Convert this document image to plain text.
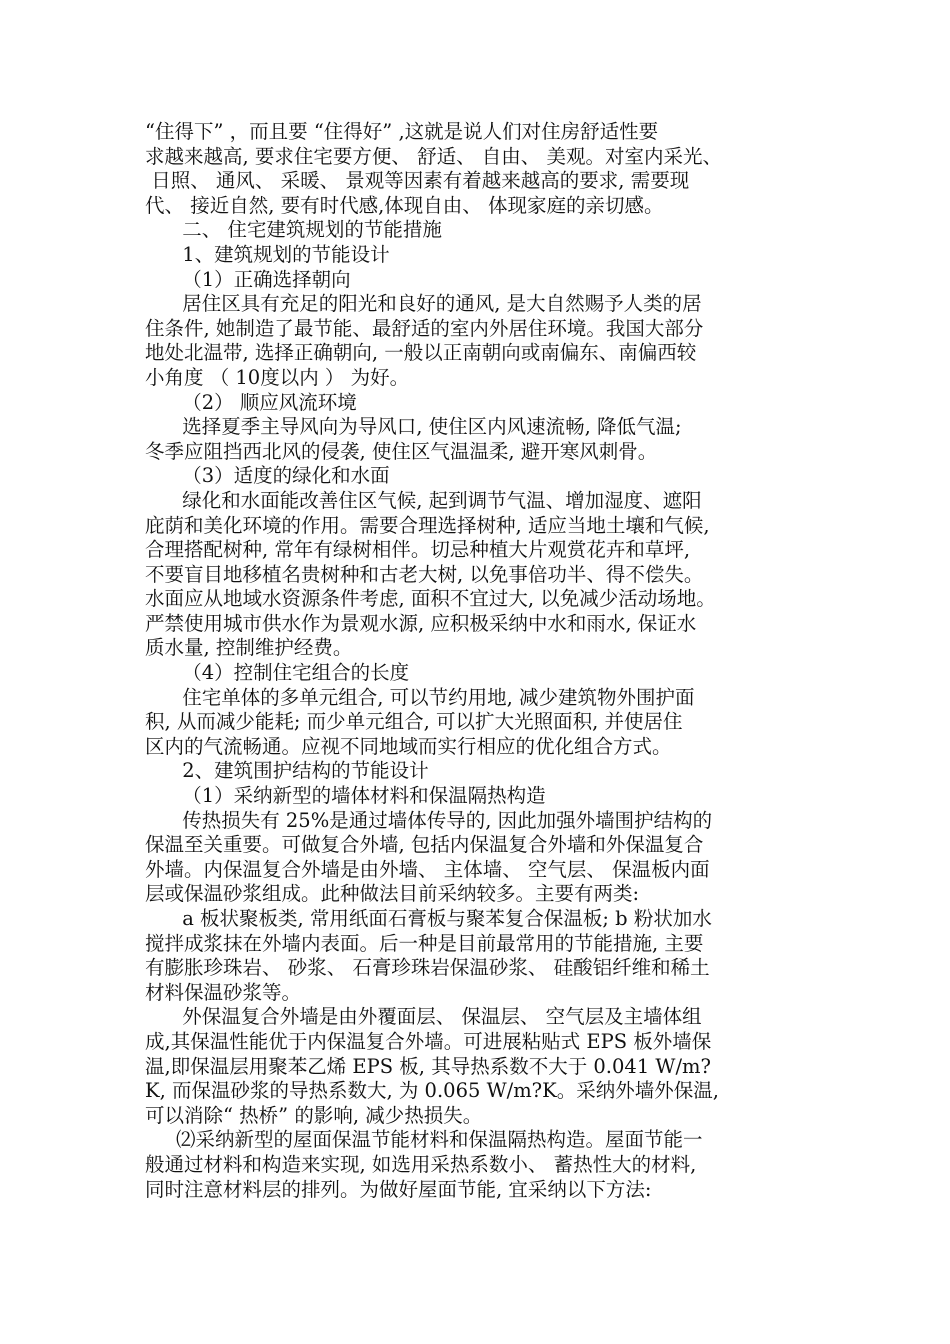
“住得下” ，而且要 “住得好” ,这就是说人们对住房舒适性要
求越来越高, 要求住宅要方便、 舒适、 自由、 美观。对室内采光、
日照、 通风、 采暖、 景观等因素有着越来越高的要求, 需要现
代、 接近自然, 要有时代感,体现自由、 体现家庭的亲切感。
二、 住宅建筑规划的节能措施
1、建筑规划的节能设计
（1）正确选择朝向
居住区具有充足的阳光和良好的通风, 是大自然赐予人类的居
住条件, 她制造了最节能、最舒适的室内外居住环境。我国大部分
地处北温带, 选择正确朝向, 一般以正南朝向或南偏东、南偏西较
小角度 （ 10度以内 ） 为好。
（2） 顺应风流环境
选择夏季主导风向为导风口, 使住区内风速流畅, 降低气温;
冬季应阻挡西北风的侵袭, 使住区气温温柔, 避开寒风刺骨。
（3）适度的绿化和水面
绿化和水面能改善住区气候, 起到调节气温、增加湿度、遮阳
庇荫和美化环境的作用。需要合理选择树种, 适应当地土壤和气候,
合理搭配树种, 常年有绿树相伴。切忌种植大片观赏花卉和草坪,
不要盲目地移植名贵树种和古老大树, 以免事倍功半、得不偿失。
水面应从地域水资源条件考虑, 面积不宜过大, 以免减少活动场地。
严禁使用城市供水作为景观水源, 应积极采纳中水和雨水, 保证水
质水量, 控制维护经费。
（4）控制住宅组合的长度
住宅单体的多单元组合, 可以节约用地, 减少建筑物外围护面
积, 从而减少能耗; 而少单元组合, 可以扩大光照面积, 并使居住
区内的气流畅通。应视不同地域而实行相应的优化组合方式。
2、建筑围护结构的节能设计
（1）采纳新型的墙体材料和保温隔热构造
传热损失有 25%是通过墙体传导的, 因此加强外墙围护结构的
保温至关重要。可做复合外墙, 包括内保温复合外墙和外保温复合
外墙。内保温复合外墙是由外墙、 主体墙、 空气层、 保温板内面
层或保温砂浆组成。此种做法目前采纳较多。主要有两类:
a 板状聚板类, 常用纸面石膏板与聚苯复合保温板; b 粉状加水
搅拌成浆抹在外墙内表面。后一种是目前最常用的节能措施, 主要
有膨胀珍珠岩、 砂浆、 石膏珍珠岩保温砂浆、 硅酸铝纤维和稀土
材料保温砂浆等。
外保温复合外墙是由外覆面层、 保温层、 空气层及主墙体组
成,其保温性能优于内保温复合外墙。可进展粘贴式 EPS 板外墙保
温,即保温层用聚苯乙烯 EPS 板, 其导热系数不大于 0.041 W/m?
K, 而保温砂浆的导热系数大, 为 0.065 W/m?K。采纳外墙外保温,
可以消除“ 热桥” 的影响, 减少热损失。
⑵采纳新型的屋面保温节能材料和保温隔热构造。屋面节能一
般通过材料和构造来实现, 如选用采热系数小、 蓄热性大的材料,
同时注意材料层的排列。为做好屋面节能, 宜采纳以下方法:
